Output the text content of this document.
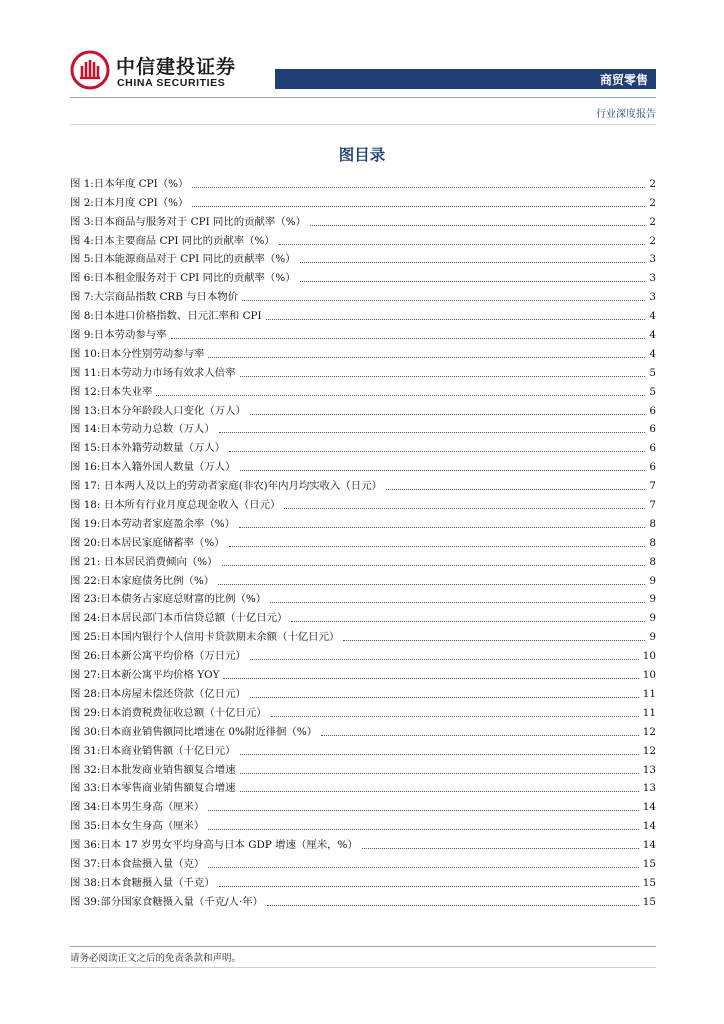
中信建投证券
CHINA SECURITIES	商贸零售
行业深度报告
图目录
图 1:日本年度 CPI（%）	2
图 2:日本月度 CPI（%）	2
图 3:日本商品与服务对于 CPI 同比的贡献率（%）	2
图 4:日本主要商品 CPI 同比的贡献率（%）	2
图 5:日本能源商品对于 CPI 同比的贡献率（%）	3
图 6:日本租金服务对于 CPI 同比的贡献率（%）	3
图 7:大宗商品指数 CRB 与日本物价	3
图 8:日本进口价格指数、日元汇率和 CPI	4
图 9:日本劳动参与率	4
图 10:日本分性别劳动参与率	4
图 11:日本劳动力市场有效求人倍率	5
图 12:日本失业率	5
图 13:日本分年龄段人口变化（万人）	6
图 14:日本劳动力总数（万人）	6
图 15:日本外籍劳动数量（万人）	6
图 16:日本入籍外国人数量（万人）	6
图 17: 日本两人及以上的劳动者家庭(非农)年内月均实收入（日元）	7
图 18: 日本所有行业月度总现金收入（日元）	7
图 19:日本劳动者家庭盈余率（%）	8
图 20:日本居民家庭储蓄率（%）	8
图 21: 日本居民消费倾向（%）	8
图 22:日本家庭债务比例（%）	9
图 23:日本债务占家庭总财富的比例（%）	9
图 24:日本居民部门本币信贷总额（十亿日元）	9
图 25:日本国内银行个人信用卡贷款期末余额（十亿日元）	9
图 26:日本新公寓平均价格（万日元）	10
图 27:日本新公寓平均价格 YOY	10
图 28:日本房屋未偿还贷款（亿日元）	11
图 29:日本消费税费征收总额（十亿日元）	11
图 30:日本商业销售额同比增速在 0%附近徘徊（%）	12
图 31:日本商业销售额（十亿日元）	12
图 32:日本批发商业销售额复合增速	13
图 33:日本零售商业销售额复合增速	13
图 34:日本男生身高（厘米）	14
图 35:日本女生身高（厘米）	14
图 36:日本 17 岁男女平均身高与日本 GDP 增速（厘米，%）	14
图 37:日本食盐摄入量（克）	15
图 38:日本食糖摄入量（千克）	15
图 39:部分国家食糖摄入量（千克/人·年）	15
请务必阅读正文之后的免责条款和声明。
